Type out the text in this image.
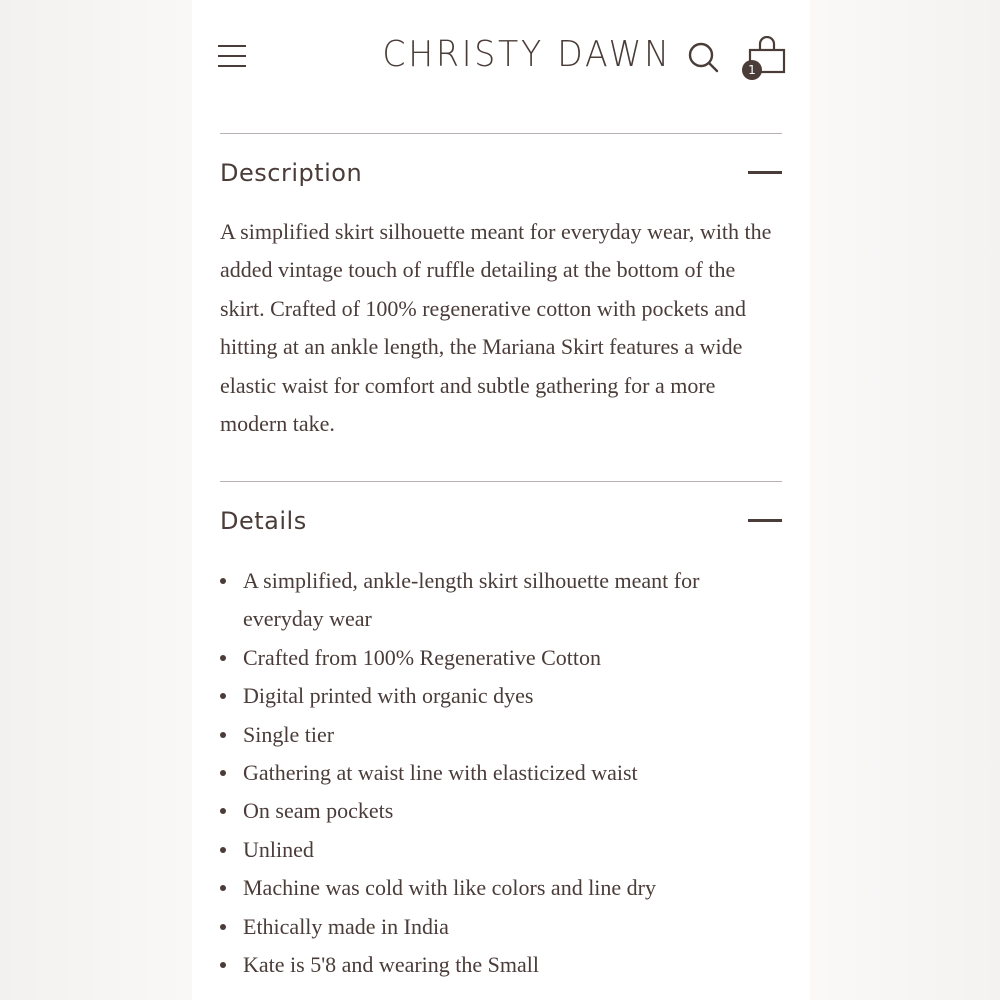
CHRISTY DAWN	1
Description

A simplified skirt silhouette meant for everyday wear, with the added vintage touch of ruffle detailing at the bottom of the skirt. Crafted of 100% regenerative cotton with pockets and hitting at an ankle length, the Mariana Skirt features a wide elastic waist for comfort and subtle gathering for a more modern take.

Details
A simplified, ankle-length skirt silhouette meant for everyday wear
Crafted from 100% Regenerative Cotton
Digital printed with organic dyes
Single tier
Gathering at waist line with elasticized waist
On seam pockets
Unlined
Machine was cold with like colors and line dry
Ethically made in India
Kate is 5'8 and wearing the Small
